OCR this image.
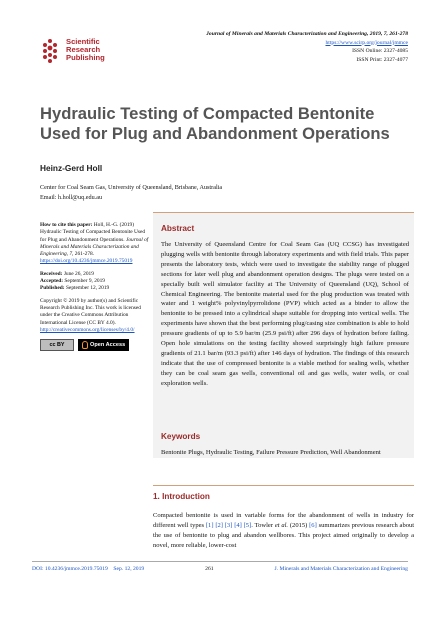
Scientific
Research
Publishing
Journal of Minerals and Materials Characterization and Engineering, 2019, 7, 261-278
https://www.scirp.org/journal/jmmce
ISSN Online: 2327-4085
ISSN Print: 2327-4077
Hydraulic Testing of Compacted Bentonite Used for Plug and Abandonment Operations
Heinz-Gerd Holl
Center for Coal Seam Gas, University of Queensland, Brisbane, Australia
Email: h.holl@uq.edu.au

How to cite this paper: Holl, H.-G. (2019) Hydraulic Testing of Compacted Bentonite Used for Plug and Abandonment Operations. Journal of Minerals and Materials Characterization and Engineering, 7, 261-278.
https://doi.org/10.4236/jmmce.2019.75019

Received: June 26, 2019
Accepted: September 9, 2019
Published: September 12, 2019

Copyright © 2019 by author(s) and Scientific Research Publishing Inc. This work is licensed under the Creative Commons Attribution International License (CC BY 4.0).
http://creativecommons.org/licenses/by/4.0/

cc BY	Open Access
Abstract
The University of Queensland Centre for Coal Seam Gas (UQ CCSG) has investigated plugging wells with bentonite through laboratory experiments and with field trials. This paper presents the laboratory tests, which were used to investigate the stability range of plugged sections for later well plug and abandonment operation designs. The plugs were tested on a specially built well simulator facility at The University of Queensland (UQ), School of Chemical Engineering. The bentonite material used for the plug production was treated with water and 1 weight% polyvinylpyrrolidone (PVP) which acted as a binder to allow the bentonite to be pressed into a cylindrical shape suitable for dropping into vertical wells. The experiments have shown that the best performing plug/casing size combination is able to hold pressure gradients of up to 5.9 bar/m (25.9 psi/ft) after 296 days of hydration before failing. Open hole simulations on the testing facility showed surprisingly high failure pressure gradients of 21.1 bar/m (93.3 psi/ft) after 146 days of hydration. The findings of this research indicate that the use of compressed bentonite is a viable method for sealing wells, whether they can be coal seam gas wells, conventional oil and gas wells, water wells, or coal exploration wells.
Keywords
Bentonite Plugs, Hydraulic Testing, Failure Pressure Prediction, Well Abandonment
1. Introduction
Compacted bentonite is used in variable forms for the abandonment of wells in industry for different well types [1] [2] [3] [4] [5]. Towler et al. (2015) [6] summarizes previous research about the use of bentonite to plug and abandon wellbores. This project aimed originally to develop a novel, more reliable, lower-cost
DOI: 10.4236/jmmce.2019.75019 Sep. 12, 2019	261	J. Minerals and Materials Characterization and Engineering
